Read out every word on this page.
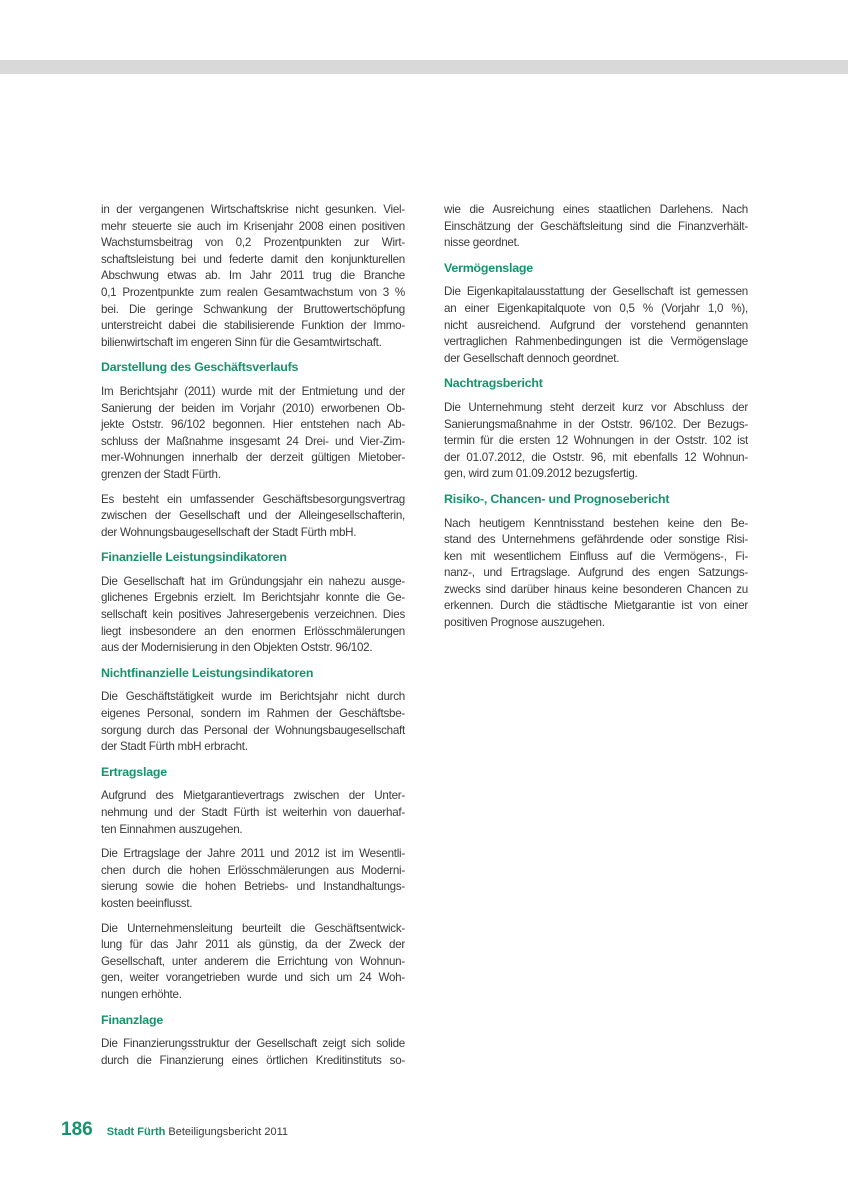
in der vergangenen Wirtschaftskrise nicht gesunken. Viel-
mehr steuerte sie auch im Krisenjahr 2008 einen positiven
Wachstumsbeitrag von 0,2 Prozentpunkten zur Wirt-
schaftsleistung bei und federte damit den konjunkturellen
Abschwung etwas ab. Im Jahr 2011 trug die Branche
0,1 Prozentpunkte zum realen Gesamtwachstum von 3 %
bei. Die geringe Schwankung der Bruttowertschöpfung
unterstreicht dabei die stabilisierende Funktion der Immo-
bilienwirtschaft im engeren Sinn für die Gesamtwirtschaft.
Darstellung des Geschäftsverlaufs
Im Berichtsjahr (2011) wurde mit der Entmietung und der
Sanierung der beiden im Vorjahr (2010) erworbenen Ob-
jekte Oststr. 96/102 begonnen. Hier entstehen nach Ab-
schluss der Maßnahme insgesamt 24 Drei- und Vier-Zim-
mer-Wohnungen innerhalb der derzeit gültigen Mietober-
grenzen der Stadt Fürth.
Es besteht ein umfassender Geschäftsbesorgungsvertrag
zwischen der Gesellschaft und der Alleingesellschafterin,
der Wohnungsbaugesellschaft der Stadt Fürth mbH.
Finanzielle Leistungsindikatoren
Die Gesellschaft hat im Gründungsjahr ein nahezu ausge-
glichenes Ergebnis erzielt. Im Berichtsjahr konnte die Ge-
sellschaft kein positives Jahresergebenis verzeichnen. Dies
liegt insbesondere an den enormen Erlösschmälerungen
aus der Modernisierung in den Objekten Oststr. 96/102.
Nichtfinanzielle Leistungsindikatoren
Die Geschäftstätigkeit wurde im Berichtsjahr nicht durch
eigenes Personal, sondern im Rahmen der Geschäftsbe-
sorgung durch das Personal der Wohnungsbaugesellschaft
der Stadt Fürth mbH erbracht.
Ertragslage
Aufgrund des Mietgarantievertrags zwischen der Unter-
nehmung und der Stadt Fürth ist weiterhin von dauerhaf-
ten Einnahmen auszugehen.
Die Ertragslage der Jahre 2011 und 2012 ist im Wesentli-
chen durch die hohen Erlösschmälerungen aus Moderni-
sierung sowie die hohen Betriebs- und Instandhaltungs-
kosten beeinflusst.
Die Unternehmensleitung beurteilt die Geschäftsentwick-
lung für das Jahr 2011 als günstig, da der Zweck der
Gesellschaft, unter anderem die Errichtung von Wohnun-
gen, weiter vorangetrieben wurde und sich um 24 Woh-
nungen erhöhte.
Finanzlage
Die Finanzierungsstruktur der Gesellschaft zeigt sich solide
durch die Finanzierung eines örtlichen Kreditinstituts so-
wie die Ausreichung eines staatlichen Darlehens. Nach
Einschätzung der Geschäftsleitung sind die Finanzverhält-
nisse geordnet.
Vermögenslage
Die Eigenkapitalausstattung der Gesellschaft ist gemessen
an einer Eigenkapitalquote von 0,5 % (Vorjahr 1,0 %),
nicht ausreichend. Aufgrund der vorstehend genannten
vertraglichen Rahmenbedingungen ist die Vermögenslage
der Gesellschaft dennoch geordnet.
Nachtragsbericht
Die Unternehmung steht derzeit kurz vor Abschluss der
Sanierungsmaßnahme in der Oststr. 96/102. Der Bezugs-
termin für die ersten 12 Wohnungen in der Oststr. 102 ist
der 01.07.2012, die Oststr. 96, mit ebenfalls 12 Wohnun-
gen, wird zum 01.09.2012 bezugsfertig.
Risiko-, Chancen- und Prognosebericht
Nach heutigem Kenntnisstand bestehen keine den Be-
stand des Unternehmens gefährdende oder sonstige Risi-
ken mit wesentlichem Einfluss auf die Vermögens-, Fi-
nanz-, und Ertragslage. Aufgrund des engen Satzungs-
zwecks sind darüber hinaus keine besonderen Chancen zu
erkennen. Durch die städtische Mietgarantie ist von einer
positiven Prognose auszugehen.
186 Stadt Fürth Beteiligungsbericht 2011
